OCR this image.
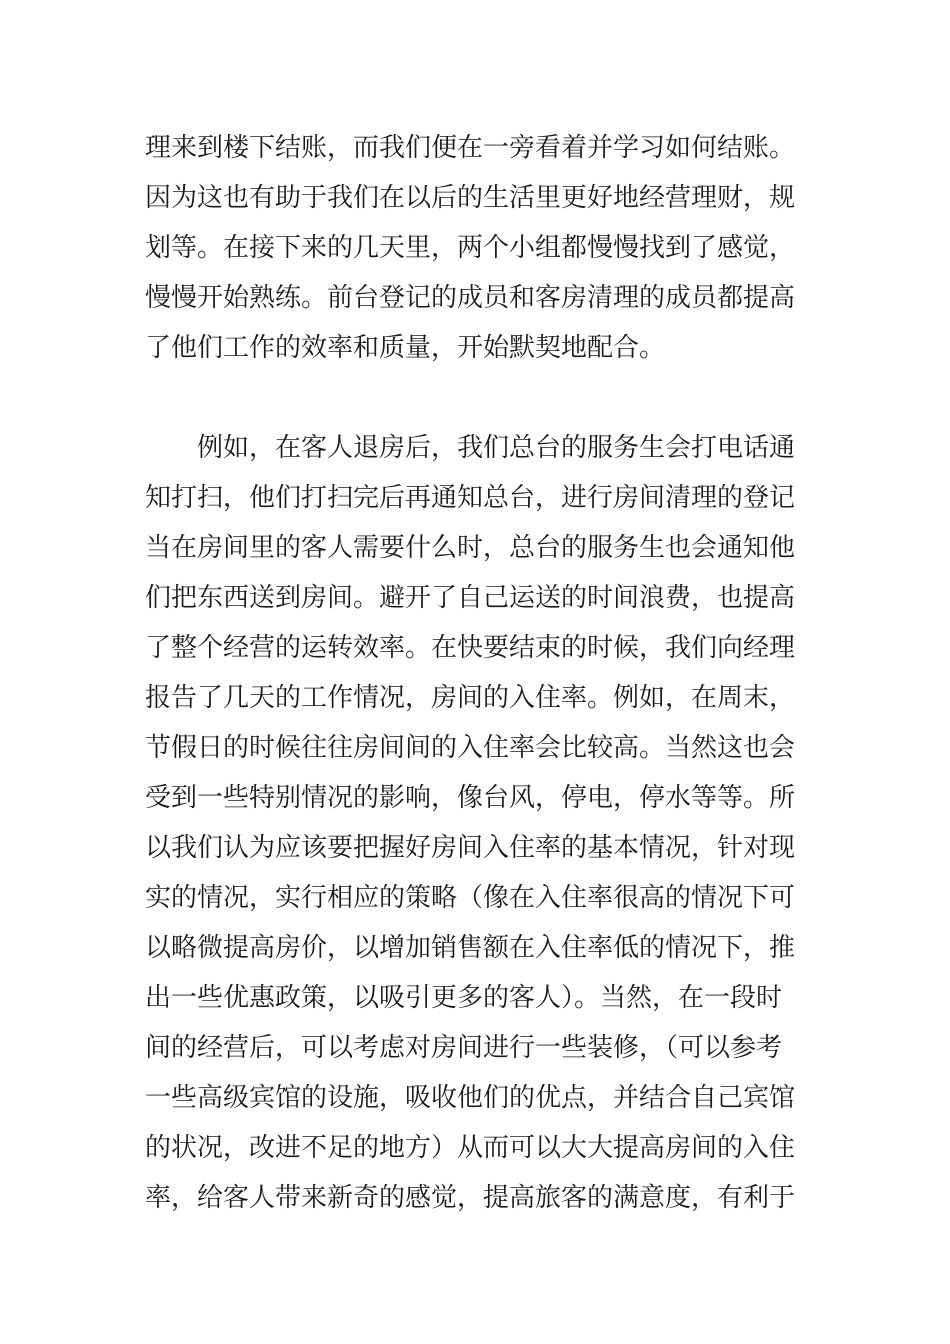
理来到楼下结账，而我们便在一旁看着并学习如何结账。
因为这也有助于我们在以后的生活里更好地经营理财，规
划等。在接下来的几天里，两个小组都慢慢找到了感觉，
慢慢开始熟练。前台登记的成员和客房清理的成员都提高
了他们工作的效率和质量，开始默契地配合。
　　例如，在客人退房后，我们总台的服务生会打电话通
知打扫，他们打扫完后再通知总台，进行房间清理的登记
当在房间里的客人需要什么时，总台的服务生也会通知他
们把东西送到房间。避开了自己运送的时间浪费，也提高
了整个经营的运转效率。在快要结束的时候，我们向经理
报告了几天的工作情况，房间的入住率。例如，在周末，
节假日的时候往往房间间的入住率会比较高。当然这也会
受到一些特别情况的影响，像台风，停电，停水等等。所
以我们认为应该要把握好房间入住率的基本情况，针对现
实的情况，实行相应的策略（像在入住率很高的情况下可
以略微提高房价，以增加销售额在入住率低的情况下，推
出一些优惠政策，以吸引更多的客人）。当然，在一段时
间的经营后，可以考虑对房间进行一些装修，（可以参考
一些高级宾馆的设施，吸收他们的优点，并结合自己宾馆
的状况，改进不足的地方）从而可以大大提高房间的入住
率，给客人带来新奇的感觉，提高旅客的满意度，有利于
